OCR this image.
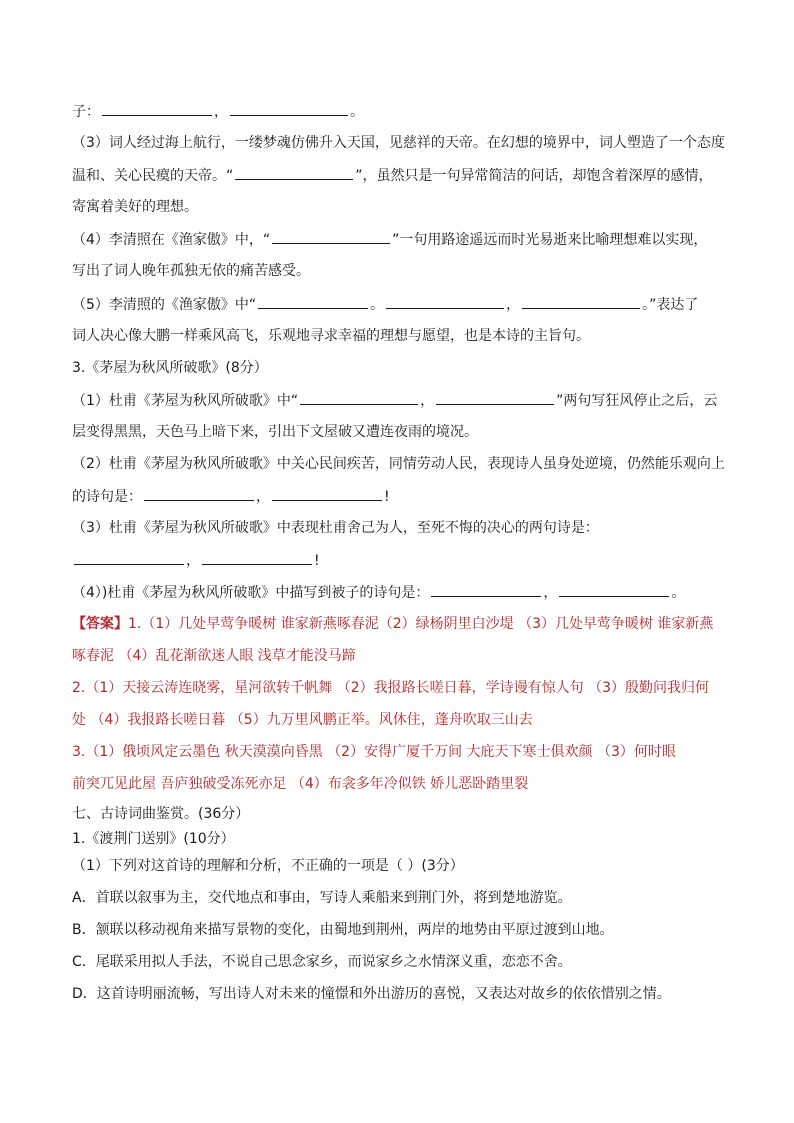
子：	，	。
（3）词人经过海上航行，一缕梦魂仿佛升入天国，见慈祥的天帝。在幻想的境界中，词人塑造了一个态度
温和、关心民瘼的天帝。“	”，虽然只是一句异常简洁的问话，却饱含着深厚的感情，
寄寓着美好的理想。
（4）李清照在《渔家傲》中，“	”一句用路途遥远而时光易逝来比喻理想难以实现，
写出了词人晚年孤独无依的痛苦感受。
（5）李清照的《渔家傲》中“	。	，	。”表达了
词人决心像大鹏一样乘风高飞，乐观地寻求幸福的理想与愿望，也是本诗的主旨句。
3.《茅屋为秋风所破歌》(8分）
（1）杜甫《茅屋为秋风所破歌》中“	，	”两句写狂风停止之后，云
层变得黑黑，天色马上暗下来，引出下文屋破又遭连夜雨的境况。
（2）杜甫《茅屋为秋风所破歌》中关心民间疾苦，同情劳动人民，表现诗人虽身处逆境，仍然能乐观向上
的诗句是：	，	!
（3）杜甫《茅屋为秋风所破歌》中表现杜甫舍己为人，至死不悔的决心的两句诗是：
，	!
（4）)杜甫《茅屋为秋风所破歌》中描写到被子的诗句是：	，	。
【答案】1.（1）几处早莺争暖树 谁家新燕啄春泥（2）绿杨阴里白沙堤 （3）几处早莺争暖树 谁家新燕
啄春泥 （4）乱花渐欲迷人眼 浅草才能没马蹄
2.（1）天接云涛连晓雾，星河欲转千帆舞 （2）我报路长嗟日暮，学诗谩有惊人句 （3）殷勤问我归何
处 （4）我报路长嗟日暮 （5）九万里风鹏正举。风休住，蓬舟吹取三山去
3.（1）俄顷风定云墨色 秋天漠漠向昏黑 （2）安得广厦千万间 大庇天下寒士俱欢颜 （3）何时眼
前突兀见此屋 吾庐独破受冻死亦足 （4）布衾多年冷似铁 娇儿恶卧踏里裂
七、古诗词曲鉴赏。(36分）
1.《渡荆门送别》(10分）
（1）下列对这首诗的理解和分析，不正确的一项是（ ）(3分）
A．首联以叙事为主，交代地点和事由，写诗人乘船来到荆门外，将到楚地游览。
B．颔联以移动视角来描写景物的变化，由蜀地到荆州，两岸的地势由平原过渡到山地。
C．尾联采用拟人手法，不说自己思念家乡，而说家乡之水情深义重，恋恋不舍。
D．这首诗明丽流畅，写出诗人对未来的憧憬和外出游历的喜悦，又表达对故乡的依依惜别之情。
